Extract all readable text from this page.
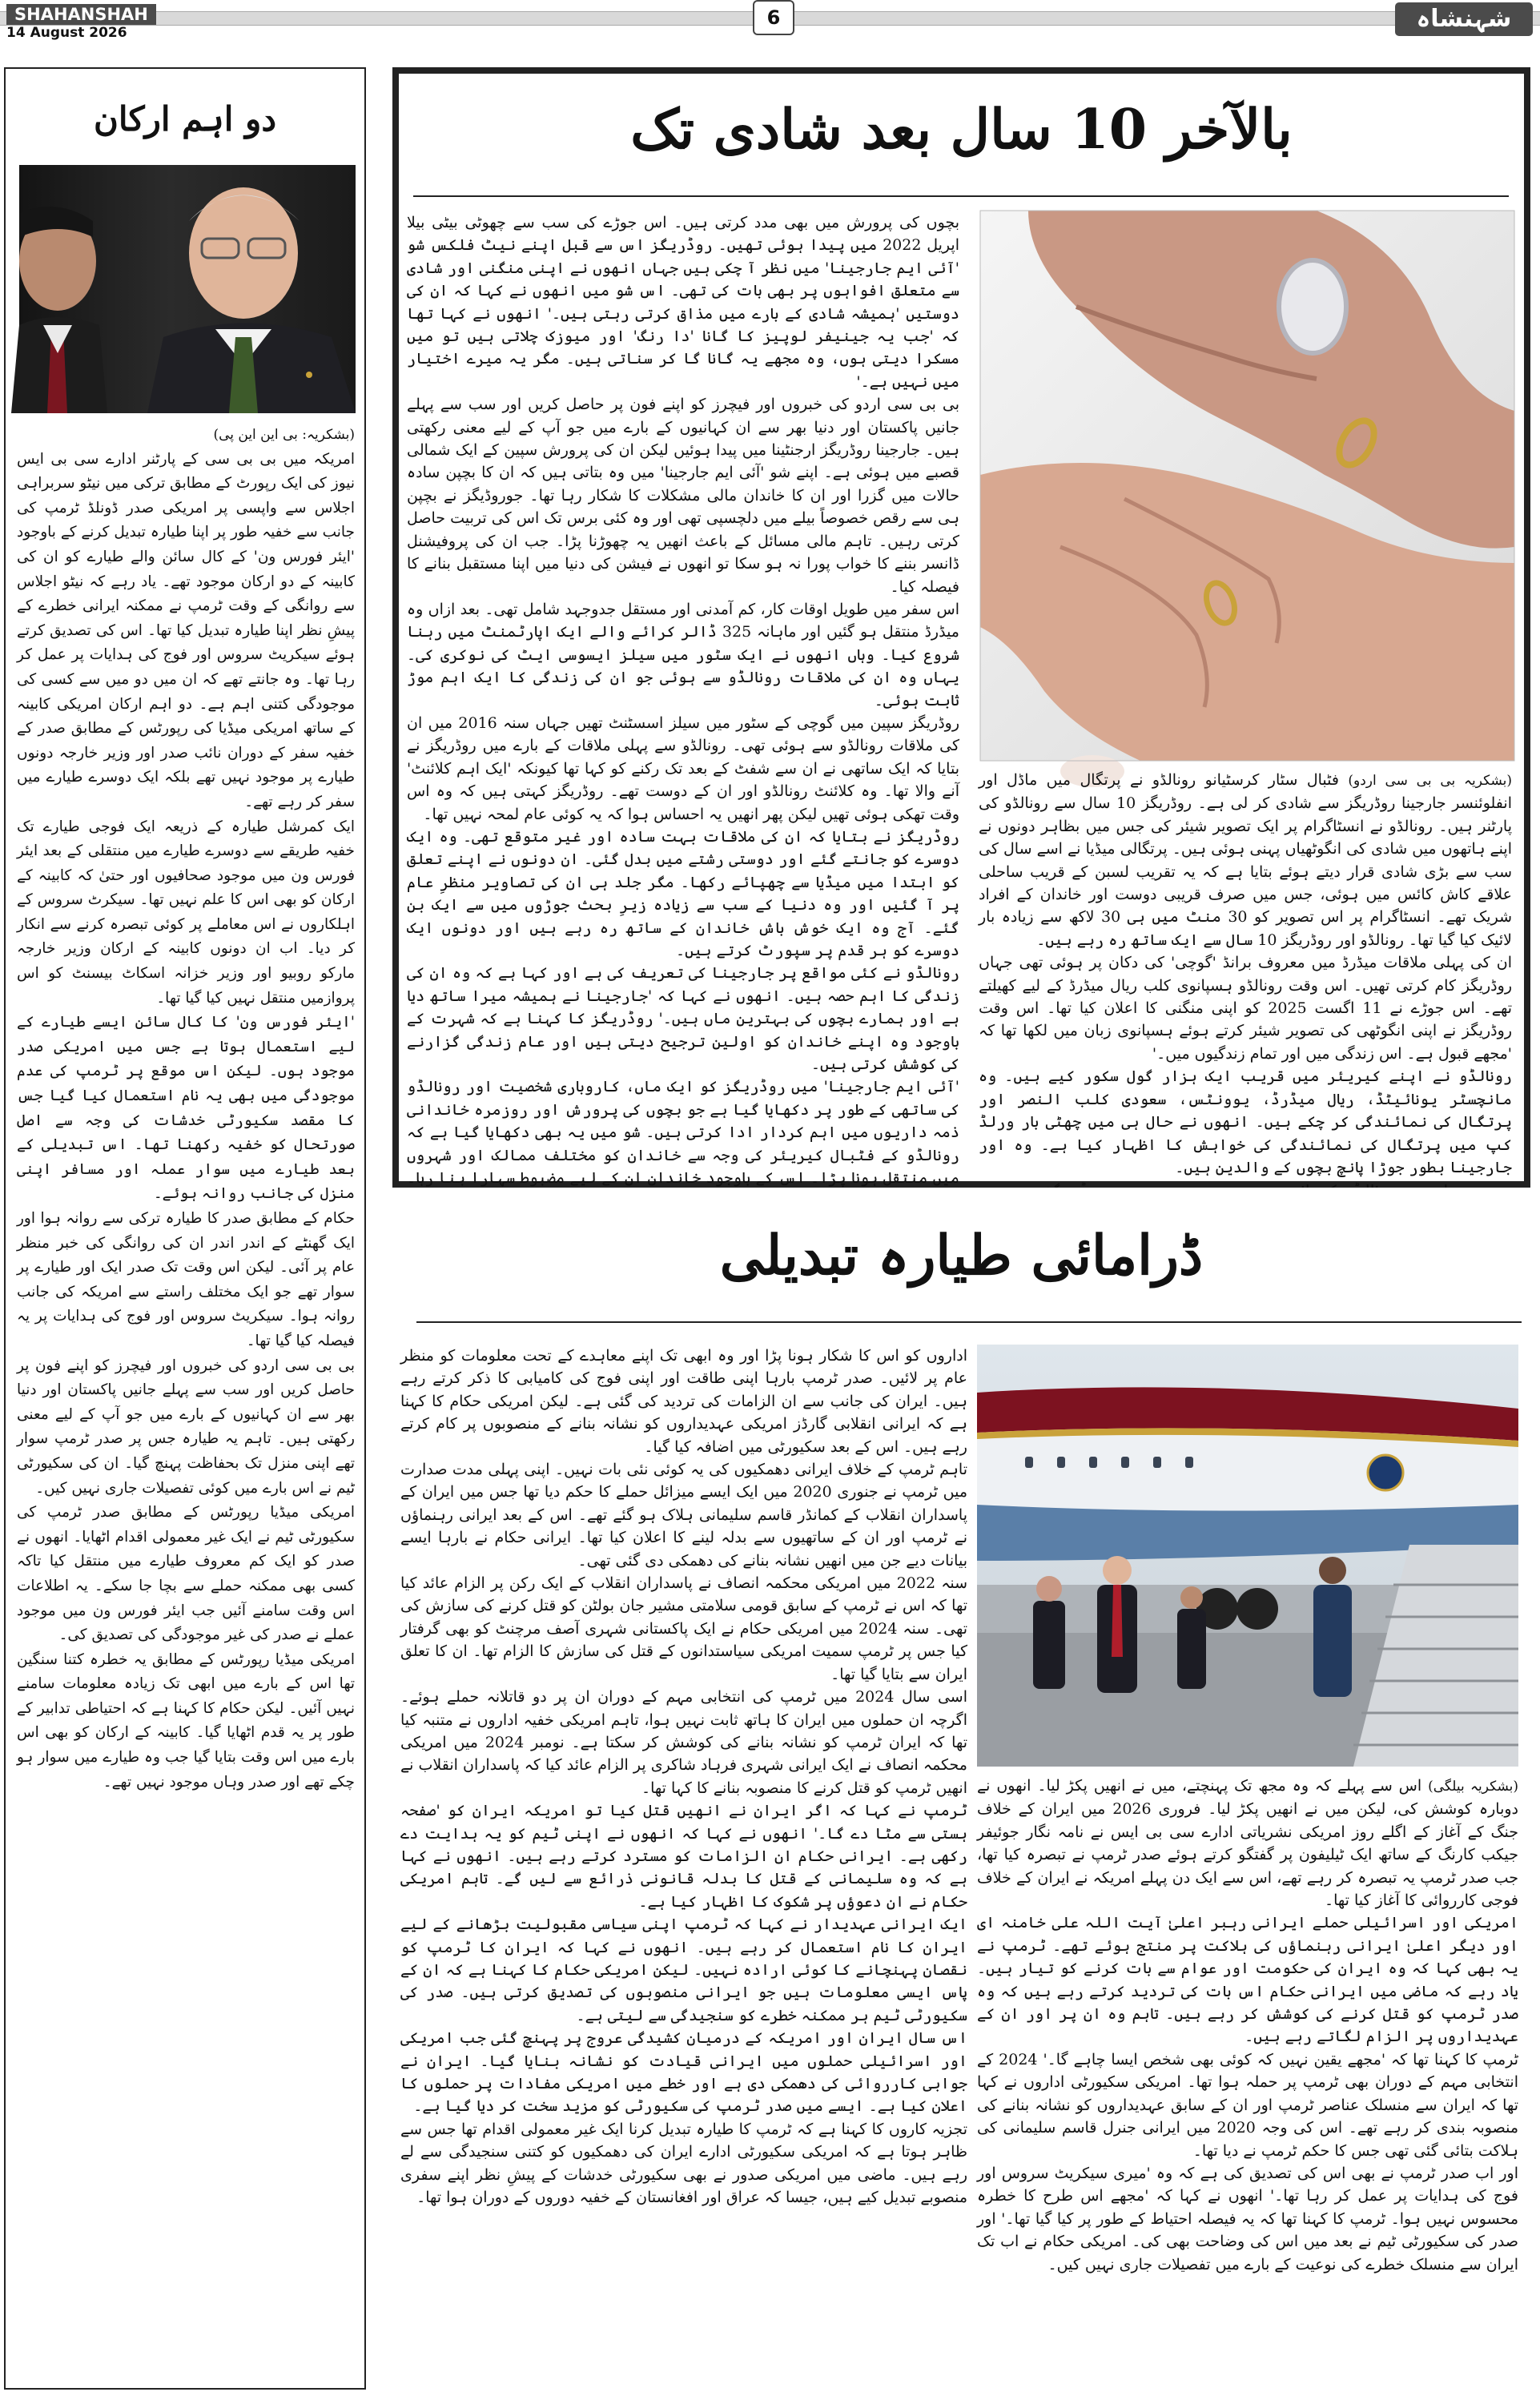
SHAHANSHAH
14 August 2026
6	شہنشاہ
دو اہم ارکان

(بشکریہ: بی این این پی)

امریکہ میں بی بی سی کے پارٹنر ادارے سی بی ایس نیوز کی ایک رپورٹ کے مطابق ترکی میں نیٹو سربراہی اجلاس سے واپسی پر امریکی صدر ڈونلڈ ٹرمپ کی جانب سے خفیہ طور پر اپنا طیارہ تبدیل کرنے کے باوجود 'ایئر فورس ون' کے کال سائن والے طیارے کو ان کی کابینہ کے دو ارکان موجود تھے۔ یاد رہے کہ نیٹو اجلاس سے روانگی کے وقت ٹرمپ نے ممکنہ ایرانی خطرے کے پیشِ نظر اپنا طیارہ تبدیل کیا تھا۔ اس کی تصدیق کرتے ہوئے سیکریٹ سروس اور فوج کی ہدایات پر عمل کر رہا تھا۔ وہ جانتے تھے کہ ان میں دو میں سے کسی کی موجودگی کتنی اہم ہے۔ دو اہم ارکان امریکی کابینہ کے ساتھ امریکی میڈیا کی رپورٹس کے مطابق صدر کے خفیہ سفر کے دوران نائب صدر اور وزیر خارجہ دونوں طیارے پر موجود نہیں تھے بلکہ ایک دوسرے طیارے میں سفر کر رہے تھے۔

ایک کمرشل طیارہ کے ذریعہ ایک فوجی طیارے تک خفیہ طریقے سے دوسرے طیارے میں منتقلی کے بعد ایئر فورس ون میں موجود صحافیوں اور حتیٰ کہ کابینہ کے ارکان کو بھی اس کا علم نہیں تھا۔ سیکرٹ سروس کے اہلکاروں نے اس معاملے پر کوئی تبصرہ کرنے سے انکار کر دیا۔ اب ان دونوں کابینہ کے ارکان وزیر خارجہ مارکو روبیو اور وزیر خزانہ اسکاٹ بیسنٹ کو اس پروازمیں منتقل نہیں کیا گیا تھا۔

'ایئر فورس ون' کا کال سائن ایسے طیارے کے لیے استعمال ہوتا ہے جس میں امریکی صدر موجود ہوں۔ لیکن اس موقع پر ٹرمپ کی عدم موجودگی میں بھی یہ نام استعمال کیا گیا جس کا مقصد سکیورٹی خدشات کی وجہ سے اصل صورتحال کو خفیہ رکھنا تھا۔ اس تبدیلی کے بعد طیارے میں سوار عملہ اور مسافر اپنی منزل کی جانب روانہ ہوئے۔

حکام کے مطابق صدر کا طیارہ ترکی سے روانہ ہوا اور ایک گھنٹے کے اندر اندر ان کی روانگی کی خبر منظر عام پر آئی۔ لیکن اس وقت تک صدر ایک اور طیارے پر سوار تھے جو ایک مختلف راستے سے امریکہ کی جانب روانہ ہوا۔ سیکریٹ سروس اور فوج کی ہدایات پر یہ فیصلہ کیا گیا تھا۔

بی بی سی اردو کی خبروں اور فیچرز کو اپنے فون پر حاصل کریں اور سب سے پہلے جانیں پاکستان اور دنیا بھر سے ان کہانیوں کے بارے میں جو آپ کے لیے معنی رکھتی ہیں۔ تاہم یہ طیارہ جس پر صدر ٹرمپ سوار تھے اپنی منزل تک بحفاظت پہنچ گیا۔ ان کی سکیورٹی ٹیم نے اس بارے میں کوئی تفصیلات جاری نہیں کیں۔

امریکی میڈیا رپورٹس کے مطابق صدر ٹرمپ کی سکیورٹی ٹیم نے ایک غیر معمولی اقدام اٹھایا۔ انھوں نے صدر کو ایک کم معروف طیارے میں منتقل کیا تاکہ کسی بھی ممکنہ حملے سے بچا جا سکے۔ یہ اطلاعات اس وقت سامنے آئیں جب ایئر فورس ون میں موجود عملے نے صدر کی غیر موجودگی کی تصدیق کی۔

امریکی میڈیا رپورٹس کے مطابق یہ خطرہ کتنا سنگین تھا اس کے بارے میں ابھی تک زیادہ معلومات سامنے نہیں آئیں۔ لیکن حکام کا کہنا ہے کہ احتیاطی تدابیر کے طور پر یہ قدم اٹھایا گیا۔ کابینہ کے ارکان کو بھی اس بارے میں اس وقت بتایا گیا جب وہ طیارے میں سوار ہو چکے تھے اور صدر وہاں موجود نہیں تھے۔

بالآخر 10 سال بعد شادی تک
(بشکریہ بی بی سی اردو) فٹبال سٹار کرسٹیانو رونالڈو نے پرتگال میں ماڈل اور انفلوئنسر جارجینا روڈریگز سے شادی کر لی ہے۔ روڈریگز 10 سال سے رونالڈو کی پارٹنر ہیں۔ رونالڈو نے انسٹاگرام پر ایک تصویر شیئر کی جس میں بظاہر دونوں نے اپنے ہاتھوں میں شادی کی انگوٹھیاں پہنی ہوئی ہیں۔ پرتگالی میڈیا نے اسے سال کی سب سے بڑی شادی قرار دیتے ہوئے بتایا ہے کہ یہ تقریب لسبن کے قریب ساحلی علاقے کاش کائس میں ہوئی، جس میں صرف قریبی دوست اور خاندان کے افراد شریک تھے۔ انسٹاگرام پر اس تصویر کو 30 منٹ میں ہی 30 لاکھ سے زیادہ بار لائیک کیا گیا تھا۔ رونالڈو اور روڈریگز 10 سال سے ایک ساتھ رہ رہے ہیں۔

ان کی پہلی ملاقات میڈرڈ میں معروف برانڈ 'گوچی' کی دکان پر ہوئی تھی جہاں روڈریگز کام کرتی تھیں۔ اس وقت رونالڈو ہسپانوی کلب ریال میڈرڈ کے لیے کھیلتے تھے۔ اس جوڑے نے 11 اگست 2025 کو اپنی منگنی کا اعلان کیا تھا۔ اس وقت روڈریگز نے اپنی انگوٹھی کی تصویر شیئر کرتے ہوئے ہسپانوی زبان میں لکھا تھا کہ 'مجھے قبول ہے۔ اس زندگی میں اور تمام زندگیوں میں۔'

رونالڈو نے اپنے کیریئر میں قریب ایک ہزار گول سکور کیے ہیں۔ وہ مانچسٹر یونائیٹڈ، ریال میڈرڈ، یوونٹس، سعودی کلب النصر اور پرتگال کی نمائندگی کر چکے ہیں۔ انھوں نے حال ہی میں چھٹی بار ورلڈ کپ میں پرتگال کی نمائندگی کی خواہش کا اظہار کیا ہے۔ وہ اور جارجینا بطور جوڑا پانچ بچوں کے والدین ہیں۔

بچوں کی پرورش میں بھی مدد کرتی ہیں۔ اس جوڑے کی سب سے چھوٹی بیٹی بیلا اپریل 2022 میں پیدا ہوئی تھیں۔ روڈریگز اس سے قبل اپنے نیٹ فلکس شو 'آئی ایم جارجینا' میں نظر آ چکی ہیں جہاں انھوں نے اپنی منگنی اور شادی سے متعلق افواہوں پر بھی بات کی تھی۔ اس شو میں انھوں نے کہا کہ ان کی دوستیں 'ہمیشہ شادی کے بارے میں مذاق کرتی رہتی ہیں۔' انھوں نے کہا تھا کہ 'جب یہ جینیفر لوپیز کا گانا 'دا رنگ' اور میوزک چلاتی ہیں تو میں مسکرا دیتی ہوں، وہ مجھے یہ گانا گا کر سناتی ہیں۔ مگر یہ میرے اختیار میں نہیں ہے۔'

بی بی سی اردو کی خبروں اور فیچرز کو اپنے فون پر حاصل کریں اور سب سے پہلے جانیں پاکستان اور دنیا بھر سے ان کہانیوں کے بارے میں جو آپ کے لیے معنی رکھتی ہیں۔ جارجینا روڈریگز ارجنٹینا میں پیدا ہوئیں لیکن ان کی پرورش سپین کے ایک شمالی قصبے میں ہوئی ہے۔ اپنے شو 'آئی ایم جارجینا' میں وہ بتاتی ہیں کہ ان کا بچپن سادہ حالات میں گزرا اور ان کا خاندان مالی مشکلات کا شکار رہا تھا۔ جوروڈیگز نے بچپن ہی سے رقص خصوصاً بیلے میں دلچسپی تھی اور وہ کئی برس تک اس کی تربیت حاصل کرتی رہیں۔ تاہم مالی مسائل کے باعث انھیں یہ چھوڑنا پڑا۔ جب ان کی پروفیشنل ڈانسر بننے کا خواب پورا نہ ہو سکا تو انھوں نے فیشن کی دنیا میں اپنا مستقبل بنانے کا فیصلہ کیا۔

اس سفر میں طویل اوقات کار، کم آمدنی اور مستقل جدوجہد شامل تھی۔ بعد ازاں وہ میڈرڈ منتقل ہو گئیں اور ماہانہ 325 ڈالر کرائے والے ایک اپارٹمنٹ میں رہنا شروع کیا۔ وہاں انھوں نے ایک سٹور میں سیلز ایسوسی ایٹ کی نوکری کی۔ یہاں وہ ان کی ملاقات رونالڈو سے ہوئی جو ان کی زندگی کا ایک اہم موڑ ثابت ہوئی۔

روڈریگز سپین میں گوچی کے سٹور میں سیلز اسسٹنٹ تھیں جہاں سنہ 2016 میں ان کی ملاقات رونالڈو سے ہوئی تھی۔ رونالڈو سے پہلی ملاقات کے بارے میں روڈریگز نے بتایا کہ ایک ساتھی نے ان سے شفٹ کے بعد تک رکنے کو کہا تھا کیونکہ 'ایک اہم کلائنٹ' آنے والا تھا۔ وہ کلائنٹ رونالڈو اور ان کے دوست تھے۔ روڈریگز کہتی ہیں کہ وہ اس وقت تھکی ہوئی تھیں لیکن پھر انھیں یہ احساس ہوا کہ یہ کوئی عام لمحہ نہیں تھا۔

روڈریگز نے بتایا کہ ان کی ملاقات بہت سادہ اور غیر متوقع تھی۔ وہ ایک دوسرے کو جانتے گئے اور دوستی رشتے میں بدل گئی۔ ان دونوں نے اپنے تعلق کو ابتدا میں میڈیا سے چھپائے رکھا۔ مگر جلد ہی ان کی تصاویر منظرِ عام پر آ گئیں اور وہ دنیا کے سب سے زیادہ زیرِ بحث جوڑوں میں سے ایک بن گئے۔ آج وہ ایک خوش باش خاندان کے ساتھ رہ رہے ہیں اور دونوں ایک دوسرے کو ہر قدم پر سپورٹ کرتے ہیں۔

رونالڈو نے کئی مواقع پر جارجینا کی تعریف کی ہے اور کہا ہے کہ وہ ان کی زندگی کا اہم حصہ ہیں۔ انھوں نے کہا کہ 'جارجینا نے ہمیشہ میرا ساتھ دیا ہے اور ہمارے بچوں کی بہترین ماں ہیں۔' روڈریگز کا کہنا ہے کہ شہرت کے باوجود وہ اپنے خاندان کو اولین ترجیح دیتی ہیں اور عام زندگی گزارنے کی کوشش کرتی ہیں۔

'آئی ایم جارجینا' میں روڈریگز کو ایک ماں، کاروباری شخصیت اور رونالڈو کی ساتھی کے طور پر دکھایا گیا ہے جو بچوں کی پرورش اور روزمرہ خاندانی ذمہ داریوں میں اہم کردار ادا کرتی ہیں۔ شو میں یہ بھی دکھایا گیا ہے کہ رونالڈو کے فٹبال کیریئر کی وجہ سے خاندان کو مختلف ممالک اور شہروں میں منتقل ہونا پڑا۔ اس کے باوجود خاندان ان کے لیے مضبوط سہارا بنا رہا۔

ڈرامائی طیارہ تبدیلی
(بشکریہ بیلگی) اس سے پہلے کہ وہ مجھ تک پہنچتے، میں نے انھیں پکڑ لیا۔ انھوں نے دوبارہ کوشش کی، لیکن میں نے انھیں پکڑ لیا۔ فروری 2026 میں ایران کے خلاف جنگ کے آغاز کے اگلے روز امریکی نشریاتی ادارے سی بی ایس نے نامہ نگار جوئیفر جیکب کارنگ کے ساتھ ایک ٹیلیفون پر گفتگو کرتے ہوئے صدر ٹرمپ نے تبصرہ کیا تھا، جب صدر ٹرمپ یہ تبصرہ کر رہے تھے، اس سے ایک دن پہلے امریکہ نے ایران کے خلاف فوجی کارروائی کا آغاز کیا تھا۔

امریکی اور اسرائیلی حملے ایرانی رہبر اعلیٰ آیت اللہ علی خامنہ ای اور دیگر اعلیٰ ایرانی رہنماؤں کی ہلاکت پر منتج ہوئے تھے۔ ٹرمپ نے یہ بھی کہا کہ وہ ایران کی حکومت اور عوام سے بات کرنے کو تیار ہیں۔ یاد رہے کہ ماضی میں ایرانی حکام اس بات کی تردید کرتے رہے ہیں کہ وہ صدر ٹرمپ کو قتل کرنے کی کوشش کر رہے ہیں۔ تاہم وہ ان پر اور ان کے عہدیداروں پر الزام لگاتے رہے ہیں۔

ٹرمپ کا کہنا تھا کہ 'مجھے یقین نہیں کہ کوئی بھی شخص ایسا چاہے گا۔' 2024 کے انتخابی مہم کے دوران بھی ٹرمپ پر حملہ ہوا تھا۔ امریکی سکیورٹی اداروں نے کہا تھا کہ ایران سے منسلک عناصر ٹرمپ اور ان کے سابق عہدیداروں کو نشانہ بنانے کی منصوبہ بندی کر رہے تھے۔ اس کی وجہ 2020 میں ایرانی جنرل قاسم سلیمانی کی ہلاکت بتائی گئی تھی جس کا حکم ٹرمپ نے دیا تھا۔

اور اب صدر ٹرمپ نے بھی اس کی تصدیق کی ہے کہ وہ 'میری سیکریٹ سروس اور فوج کی ہدایات پر عمل کر رہا تھا۔' انھوں نے کہا کہ 'مجھے اس طرح کا خطرہ محسوس نہیں ہوا۔ ٹرمپ کا کہنا تھا کہ یہ فیصلہ احتیاط کے طور پر کیا گیا تھا۔' اور صدر کی سکیورٹی ٹیم نے بعد میں اس کی وضاحت بھی کی۔ امریکی حکام نے اب تک ایران سے منسلک خطرے کی نوعیت کے بارے میں تفصیلات جاری نہیں کیں۔

اداروں کو اس کا شکار ہونا پڑا اور وہ ابھی تک اپنے معاہدے کے تحت معلومات کو منظر عام پر لائیں۔ صدر ٹرمپ بارہا اپنی طاقت اور اپنی فوج کی کامیابی کا ذکر کرتے رہے ہیں۔ ایران کی جانب سے ان الزامات کی تردید کی گئی ہے۔ لیکن امریکی حکام کا کہنا ہے کہ ایرانی انقلابی گارڈز امریکی عہدیداروں کو نشانہ بنانے کے منصوبوں پر کام کرتے رہے ہیں۔ اس کے بعد سکیورٹی میں اضافہ کیا گیا۔

تاہم ٹرمپ کے خلاف ایرانی دھمکیوں کی یہ کوئی نئی بات نہیں۔ اپنی پہلی مدت صدارت میں ٹرمپ نے جنوری 2020 میں ایک ایسے میزائل حملے کا حکم دیا تھا جس میں ایران کے پاسداران انقلاب کے کمانڈر قاسم سلیمانی ہلاک ہو گئے تھے۔ اس کے بعد ایرانی رہنماؤں نے ٹرمپ اور ان کے ساتھیوں سے بدلہ لینے کا اعلان کیا تھا۔ ایرانی حکام نے بارہا ایسے بیانات دیے جن میں انھیں نشانہ بنانے کی دھمکی دی گئی تھی۔

سنہ 2022 میں امریکی محکمہ انصاف نے پاسداران انقلاب کے ایک رکن پر الزام عائد کیا تھا کہ اس نے ٹرمپ کے سابق قومی سلامتی مشیر جان بولٹن کو قتل کرنے کی سازش کی تھی۔ سنہ 2024 میں امریکی حکام نے ایک پاکستانی شہری آصف مرچنٹ کو بھی گرفتار کیا جس پر ٹرمپ سمیت امریکی سیاستدانوں کے قتل کی سازش کا الزام تھا۔ ان کا تعلق ایران سے بتایا گیا تھا۔

اسی سال 2024 میں ٹرمپ کی انتخابی مہم کے دوران ان پر دو قاتلانہ حملے ہوئے۔ اگرچہ ان حملوں میں ایران کا ہاتھ ثابت نہیں ہوا، تاہم امریکی خفیہ اداروں نے متنبہ کیا تھا کہ ایران ٹرمپ کو نشانہ بنانے کی کوشش کر سکتا ہے۔ نومبر 2024 میں امریکی محکمہ انصاف نے ایک ایرانی شہری فرہاد شاکری پر الزام عائد کیا کہ پاسداران انقلاب نے انھیں ٹرمپ کو قتل کرنے کا منصوبہ بنانے کا کہا تھا۔

ٹرمپ نے کہا کہ اگر ایران نے انھیں قتل کیا تو امریکہ ایران کو 'صفحہ ہستی سے مٹا دے گا۔' انھوں نے کہا کہ انھوں نے اپنی ٹیم کو یہ ہدایت دے رکھی ہے۔ ایرانی حکام ان الزامات کو مسترد کرتے رہے ہیں۔ انھوں نے کہا ہے کہ وہ سلیمانی کے قتل کا بدلہ قانونی ذرائع سے لیں گے۔ تاہم امریکی حکام نے ان دعوؤں پر شکوک کا اظہار کیا ہے۔

ایک ایرانی عہدیدار نے کہا کہ ٹرمپ اپنی سیاسی مقبولیت بڑھانے کے لیے ایران کا نام استعمال کر رہے ہیں۔ انھوں نے کہا کہ ایران کا ٹرمپ کو نقصان پہنچانے کا کوئی ارادہ نہیں۔ لیکن امریکی حکام کا کہنا ہے کہ ان کے پاس ایسی معلومات ہیں جو ایرانی منصوبوں کی تصدیق کرتی ہیں۔ صدر کی سکیورٹی ٹیم ہر ممکنہ خطرے کو سنجیدگی سے لیتی ہے۔

اس سال ایران اور امریکہ کے درمیان کشیدگی عروج پر پہنچ گئی جب امریکی اور اسرائیلی حملوں میں ایرانی قیادت کو نشانہ بنایا گیا۔ ایران نے جوابی کارروائی کی دھمکی دی ہے اور خطے میں امریکی مفادات پر حملوں کا اعلان کیا ہے۔ ایسے میں صدر ٹرمپ کی سکیورٹی کو مزید سخت کر دیا گیا ہے۔

تجزیہ کاروں کا کہنا ہے کہ ٹرمپ کا طیارہ تبدیل کرنا ایک غیر معمولی اقدام تھا جس سے ظاہر ہوتا ہے کہ امریکی سکیورٹی ادارے ایران کی دھمکیوں کو کتنی سنجیدگی سے لے رہے ہیں۔ ماضی میں امریکی صدور نے بھی سکیورٹی خدشات کے پیشِ نظر اپنے سفری منصوبے تبدیل کیے ہیں، جیسا کہ عراق اور افغانستان کے خفیہ دوروں کے دوران ہوا تھا۔
